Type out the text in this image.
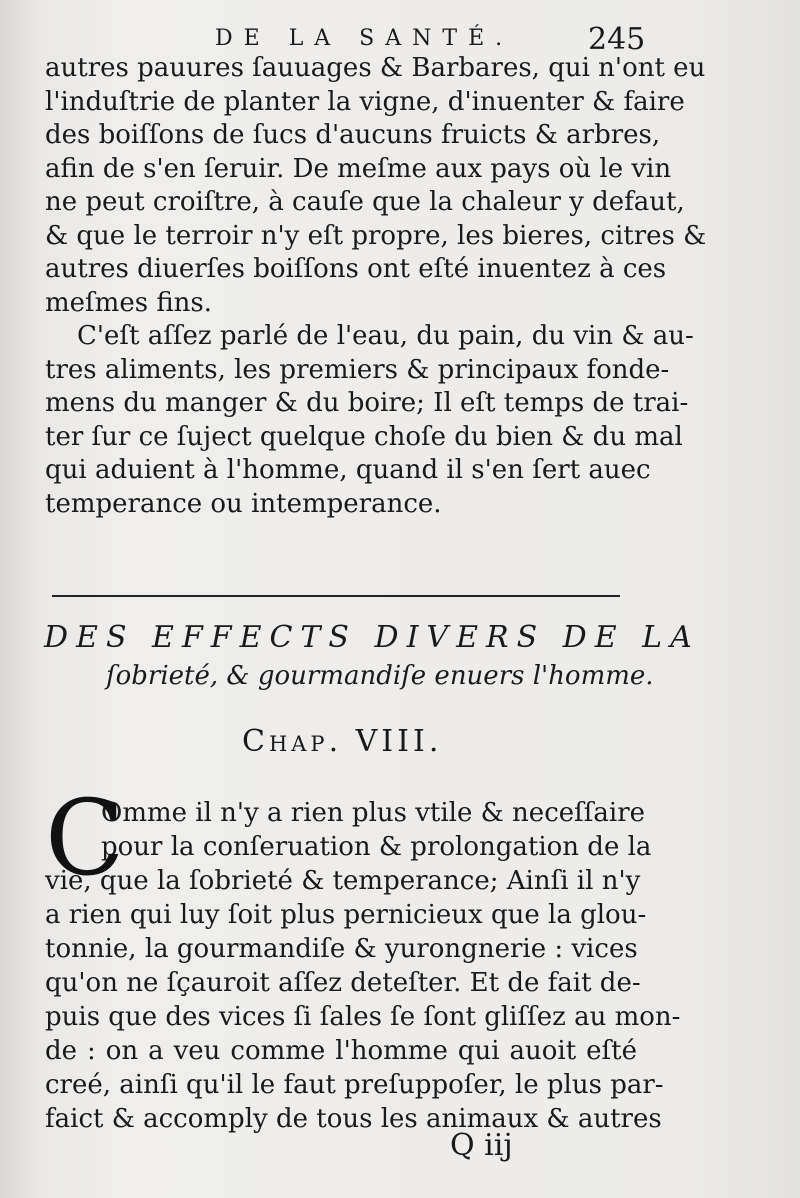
DE LA SANTÉ. 245
autres pauures ſauuages & Barbares, qui n'ont eu
l'induſtrie de planter la vigne, d'inuenter & faire
des boiſſons de ſucs d'aucuns fruicts & arbres,
afin de s'en ſeruir. De meſme aux pays où le vin
ne peut croiſtre, à cauſe que la chaleur y defaut,
& que le terroir n'y eſt propre, les bieres, citres &
autres diuerſes boiſſons ont eſté inuentez à ces
meſmes fins.
C'eſt aſſez parlé de l'eau, du pain, du vin & au-
tres aliments, les premiers & principaux fonde-
mens du manger & du boire; Il eſt temps de trai-
ter ſur ce ſuject quelque choſe du bien & du mal
qui aduient à l'homme, quand il s'en ſert auec
temperance ou intemperance.
DES EFFECTS DIVERS DE LA
ſobrieté, & gourmandiſe enuers l'homme.
Chap. VIII.
C
Omme il n'y a rien plus vtile & neceſſaire
pour la conſeruation & prolongation de la
vie, que la ſobrieté & temperance; Ainſi il n'y
a rien qui luy ſoit plus pernicieux que la glou-
tonnie, la gourmandiſe & yurongnerie : vices
qu'on ne ſçauroit aſſez deteſter. Et de fait de-
puis que des vices ſi ſales ſe ſont gliſſez au mon-
de : on a veu comme l'homme qui auoit eſté
creé, ainſi qu'il le faut preſuppoſer, le plus par-
faict & accomply de tous les animaux & autres
Q iij
